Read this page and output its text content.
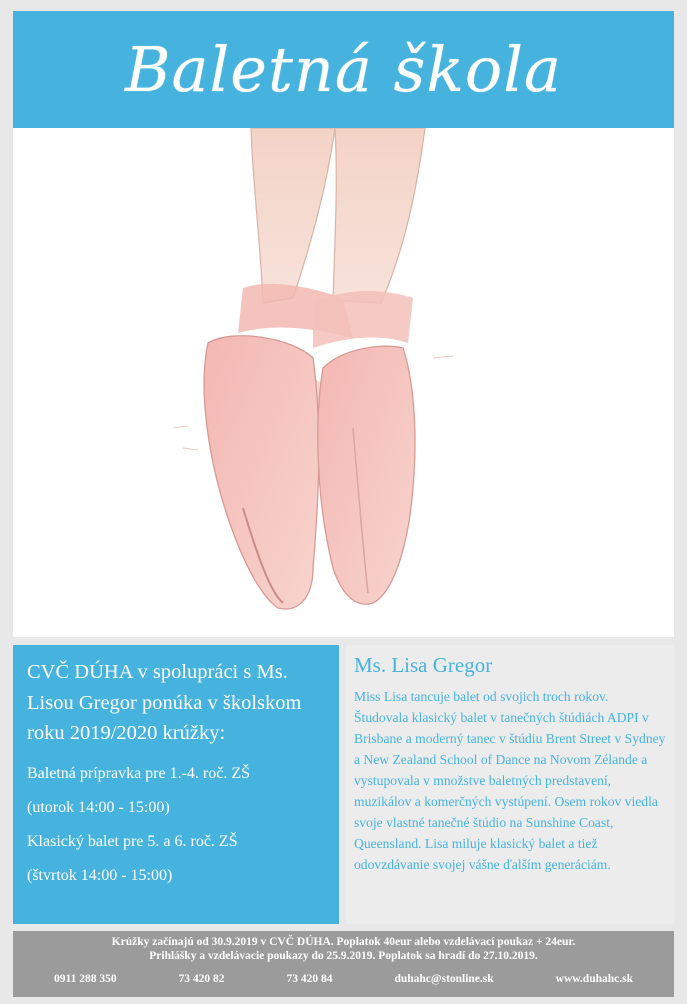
Baletná škola

CVČ DÚHA v spolupráci s Ms. Lisou Gregor ponúka v školskom roku 2019/2020 krúžky:

Baletná prípravka pre 1.-4. roč. ZŠ

(utorok 14:00 - 15:00)

Klasický balet pre 5. a 6. roč. ZŠ

(štvrtok 14:00 - 15:00)

Ms. Lisa Gregor

Miss Lisa tancuje balet od svojich troch rokov. Študovala klasický balet v tanečných štúdiách ADPI v Brisbane a moderný tanec v štúdiu Brent Street v Sydney a New Zealand School of Dance na Novom Zélande a vystupovala v množstve baletných predstavení, muzikálov a komerčných vystúpení. Osem rokov viedla svoje vlastné tanečné štúdio na Sunshine Coast, Queensland. Lisa miluje klasický balet a tiež odovzdávanie svojej vášne ďalším generáciám.

Krúžky začínajú od 30.9.2019 v CVČ DÚHA. Poplatok 40eur alebo vzdelávací poukaz + 24eur.
Prihlášky a vzdelávacie poukazy do 25.9.2019. Poplatok sa hradí do 27.10.2019.
0911 288 350	73 420 82	73 420 84	duhahc@stonline.sk	www.duhahc.sk
